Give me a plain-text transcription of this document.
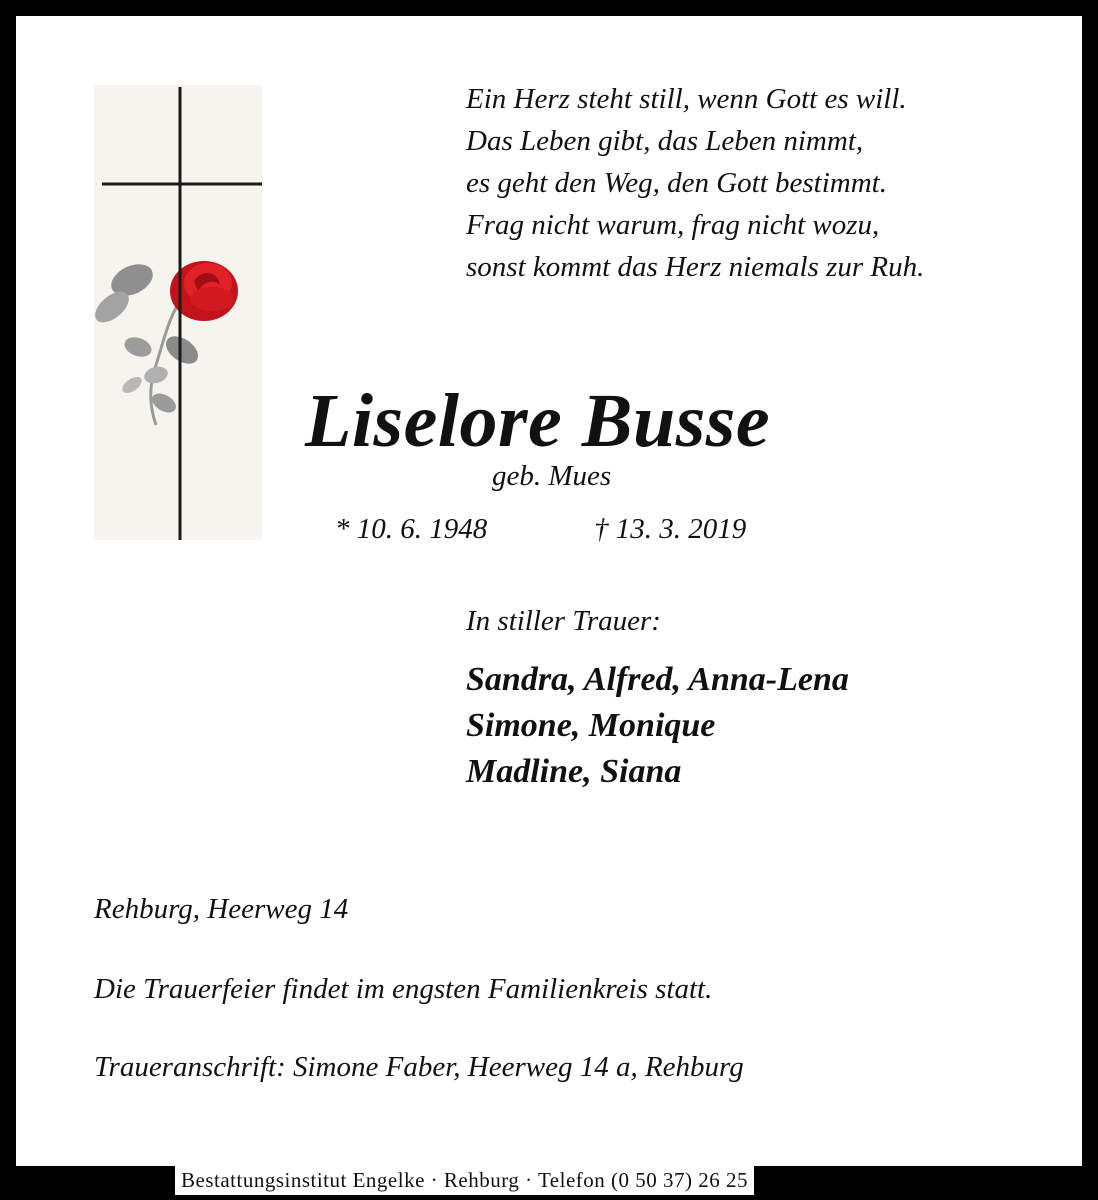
Ein Herz steht still, wenn Gott es will.
Das Leben gibt, das Leben nimmt,
es geht den Weg, den Gott bestimmt.
Frag nicht warum, frag nicht wozu,
sonst kommt das Herz niemals zur Ruh.
Liselore Busse
geb. Mues
* 10. 6. 1948	† 13. 3. 2019
In stiller Trauer:
Sandra, Alfred, Anna-Lena
Simone, Monique
Madline, Siana
Rehburg, Heerweg 14
Die Trauerfeier findet im engsten Familienkreis statt.
Traueranschrift: Simone Faber, Heerweg 14 a, Rehburg
Bestattungsinstitut Engelke · Rehburg · Telefon (0 50 37) 26 25
